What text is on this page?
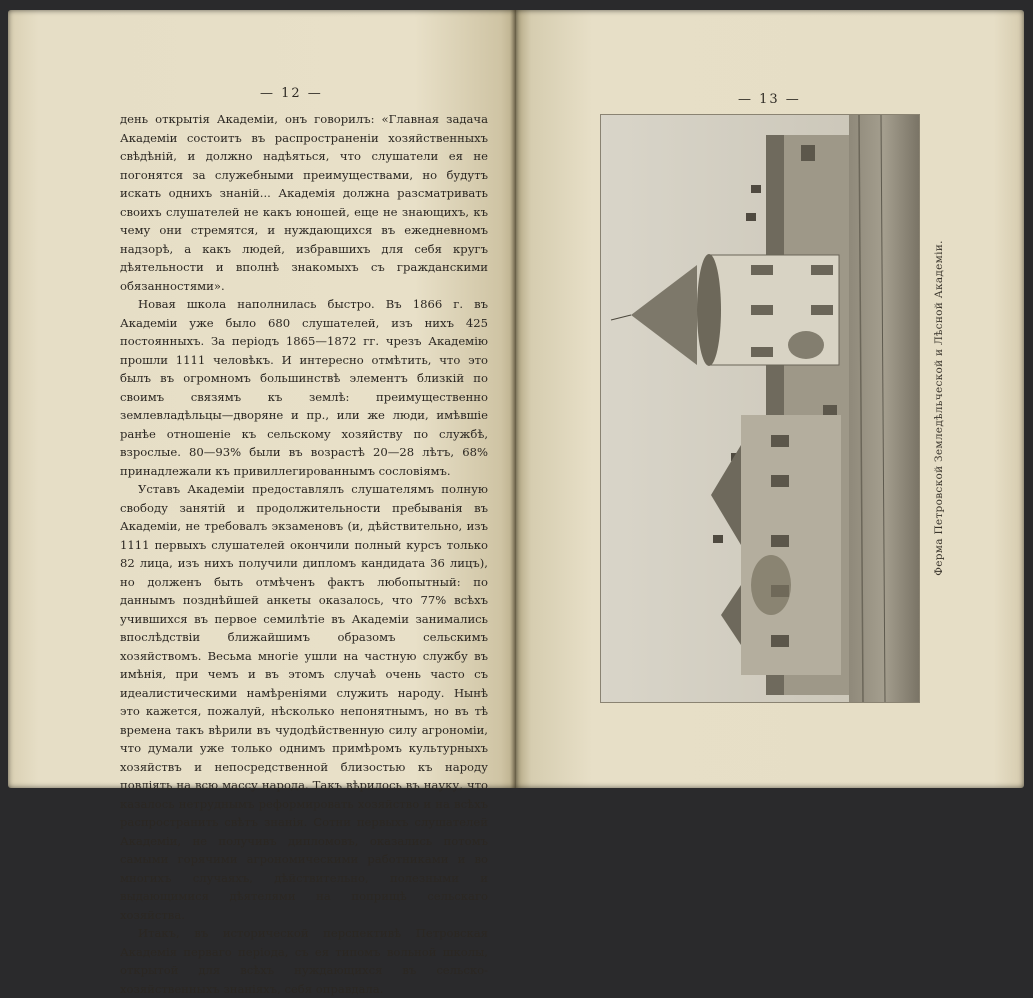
— 12 —

день открытія Академіи, онъ говорилъ: «Главная задача Академіи состоитъ въ распространеніи хозяйственныхъ свѣдѣній, и должно надѣяться, что слушатели ея не погонятся за служебными преимуществами, но будутъ искать однихъ знаній... Академія должна разсматривать своихъ слушателей не какъ юношей, еще не знающихъ, къ чему они стремятся, и нуждающихся въ ежедневномъ надзорѣ, а какъ людей, избравшихъ для себя кругъ дѣятельности и вполнѣ знакомыхъ съ гражданскими обязанностями».

Новая школа наполнилась быстро. Въ 1866 г. въ Академіи уже было 680 слушателей, изъ нихъ 425 постоянныхъ. За періодъ 1865—1872 гг. чрезъ Академію прошли 1111 человѣкъ. И интересно отмѣтить, что это былъ въ огромномъ большинствѣ элементъ близкій по своимъ связямъ къ землѣ: преимущественно землевладѣльцы—дворяне и пр., или же люди, имѣвшіе ранѣе отношеніе къ сельскому хозяйству по службѣ, взрослые. 80—93% были въ возрастѣ 20—28 лѣтъ, 68% принадлежали къ привиллегированнымъ сословіямъ.

Уставъ Академіи предоставлялъ слушателямъ полную свободу занятій и продолжительности пребыванія въ Академіи, не требовалъ экзаменовъ (и, дѣйствительно, изъ 1111 первыхъ слушателей окончили полный курсъ только 82 лица, изъ нихъ получили дипломъ кандидата 36 лицъ), но долженъ быть отмѣченъ фактъ любопытный: по даннымъ позднѣйшей анкеты оказалось, что 77% всѣхъ учившихся въ первое семилѣтіе въ Академіи занимались впослѣдствіи ближайшимъ образомъ сельскимъ хозяйствомъ. Весьма многіе ушли на частную службу въ имѣнія, при чемъ и въ этомъ случаѣ очень часто съ идеалистическими намѣреніями служить народу. Нынѣ это кажется, пожалуй, нѣсколько непонятнымъ, но въ тѣ времена такъ вѣрили въ чудодѣйственную силу агрономіи, что думали уже только однимъ примѣромъ культурныхъ хозяйствъ и непосредственной близостью къ народу повліять на всю массу народа. Такъ вѣрилось въ науку, что казалось нетруднымъ реформировать хозяйство и на всѣхъ распространить свѣтъ знанія. Сотни первыхъ слушателей Академіи, не получивъ дипломовъ, оказались потомъ самыми горячими агрономическими работниками и во многихъ случаяхъ, дѣйствительно, полезными и выдающимися дѣятелями на поприщѣ сельскаго хозяйства.

Итакъ, въ исторической перспективѣ Петровская Академія перваго періода, съ ея типомъ вольной школы, открытой для всѣхъ нуждающихся въ сельско-хозяйственныхъ знаніяхъ, себя оправдала.

— 13 —
Ферма Петровской Земледѣльческой и Лѣсной Академіи.
